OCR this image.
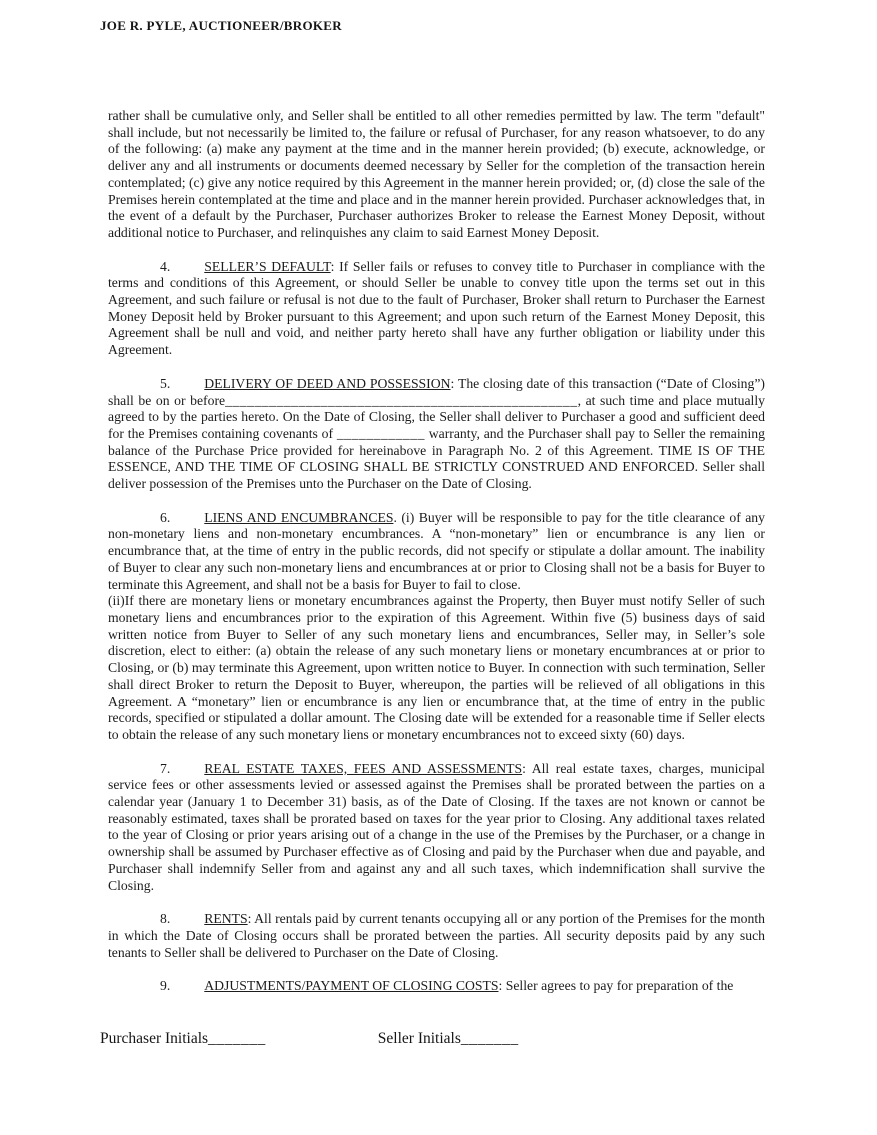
JOE R. PYLE, AUCTIONEER/BROKER

rather shall be cumulative only, and Seller shall be entitled to all other remedies permitted by law. The term "default" shall include, but not necessarily be limited to, the failure or refusal of Purchaser, for any reason whatsoever, to do any of the following: (a) make any payment at the time and in the manner herein provided; (b) execute, acknowledge, or deliver any and all instruments or documents deemed necessary by Seller for the completion of the transaction herein contemplated; (c) give any notice required by this Agreement in the manner herein provided; or, (d) close the sale of the Premises herein contemplated at the time and place and in the manner herein provided. Purchaser acknowledges that, in the event of a default by the Purchaser, Purchaser authorizes Broker to release the Earnest Money Deposit, without additional notice to Purchaser, and relinquishes any claim to said Earnest Money Deposit.

4. SELLER’S DEFAULT: If Seller fails or refuses to convey title to Purchaser in compliance with the terms and conditions of this Agreement, or should Seller be unable to convey title upon the terms set out in this Agreement, and such failure or refusal is not due to the fault of Purchaser, Broker shall return to Purchaser the Earnest Money Deposit held by Broker pursuant to this Agreement; and upon such return of the Earnest Money Deposit, this Agreement shall be null and void, and neither party hereto shall have any further obligation or liability under this Agreement.

5. DELIVERY OF DEED AND POSSESSION: The closing date of this transaction (“Date of Closing”) shall be on or before________________________________________________, at such time and place mutually agreed to by the parties hereto. On the Date of Closing, the Seller shall deliver to Purchaser a good and sufficient deed for the Premises containing covenants of ____________ warranty, and the Purchaser shall pay to Seller the remaining balance of the Purchase Price provided for hereinabove in Paragraph No. 2 of this Agreement. TIME IS OF THE ESSENCE, AND THE TIME OF CLOSING SHALL BE STRICTLY CONSTRUED AND ENFORCED. Seller shall deliver possession of the Premises unto the Purchaser on the Date of Closing.

6. LIENS AND ENCUMBRANCES. (i) Buyer will be responsible to pay for the title clearance of any non-monetary liens and non-monetary encumbrances. A “non-monetary” lien or encumbrance is any lien or encumbrance that, at the time of entry in the public records, did not specify or stipulate a dollar amount. The inability of Buyer to clear any such non-monetary liens and encumbrances at or prior to Closing shall not be a basis for Buyer to terminate this Agreement, and shall not be a basis for Buyer to fail to close.

(ii)If there are monetary liens or monetary encumbrances against the Property, then Buyer must notify Seller of such monetary liens and encumbrances prior to the expiration of this Agreement. Within five (5) business days of said written notice from Buyer to Seller of any such monetary liens and encumbrances, Seller may, in Seller’s sole discretion, elect to either: (a) obtain the release of any such monetary liens or monetary encumbrances at or prior to Closing, or (b) may terminate this Agreement, upon written notice to Buyer. In connection with such termination, Seller shall direct Broker to return the Deposit to Buyer, whereupon, the parties will be relieved of all obligations in this Agreement. A “monetary” lien or encumbrance is any lien or encumbrance that, at the time of entry in the public records, specified or stipulated a dollar amount. The Closing date will be extended for a reasonable time if Seller elects to obtain the release of any such monetary liens or monetary encumbrances not to exceed sixty (60) days.

7. REAL ESTATE TAXES, FEES AND ASSESSMENTS: All real estate taxes, charges, municipal service fees or other assessments levied or assessed against the Premises shall be prorated between the parties on a calendar year (January 1 to December 31) basis, as of the Date of Closing. If the taxes are not known or cannot be reasonably estimated, taxes shall be prorated based on taxes for the year prior to Closing. Any additional taxes related to the year of Closing or prior years arising out of a change in the use of the Premises by the Purchaser, or a change in ownership shall be assumed by Purchaser effective as of Closing and paid by the Purchaser when due and payable, and Purchaser shall indemnify Seller from and against any and all such taxes, which indemnification shall survive the Closing.

8. RENTS: All rentals paid by current tenants occupying all or any portion of the Premises for the month in which the Date of Closing occurs shall be prorated between the parties. All security deposits paid by any such tenants to Seller shall be delivered to Purchaser on the Date of Closing.

9. ADJUSTMENTS/PAYMENT OF CLOSING COSTS: Seller agrees to pay for preparation of the

Purchaser Initials_______	Seller Initials_______
